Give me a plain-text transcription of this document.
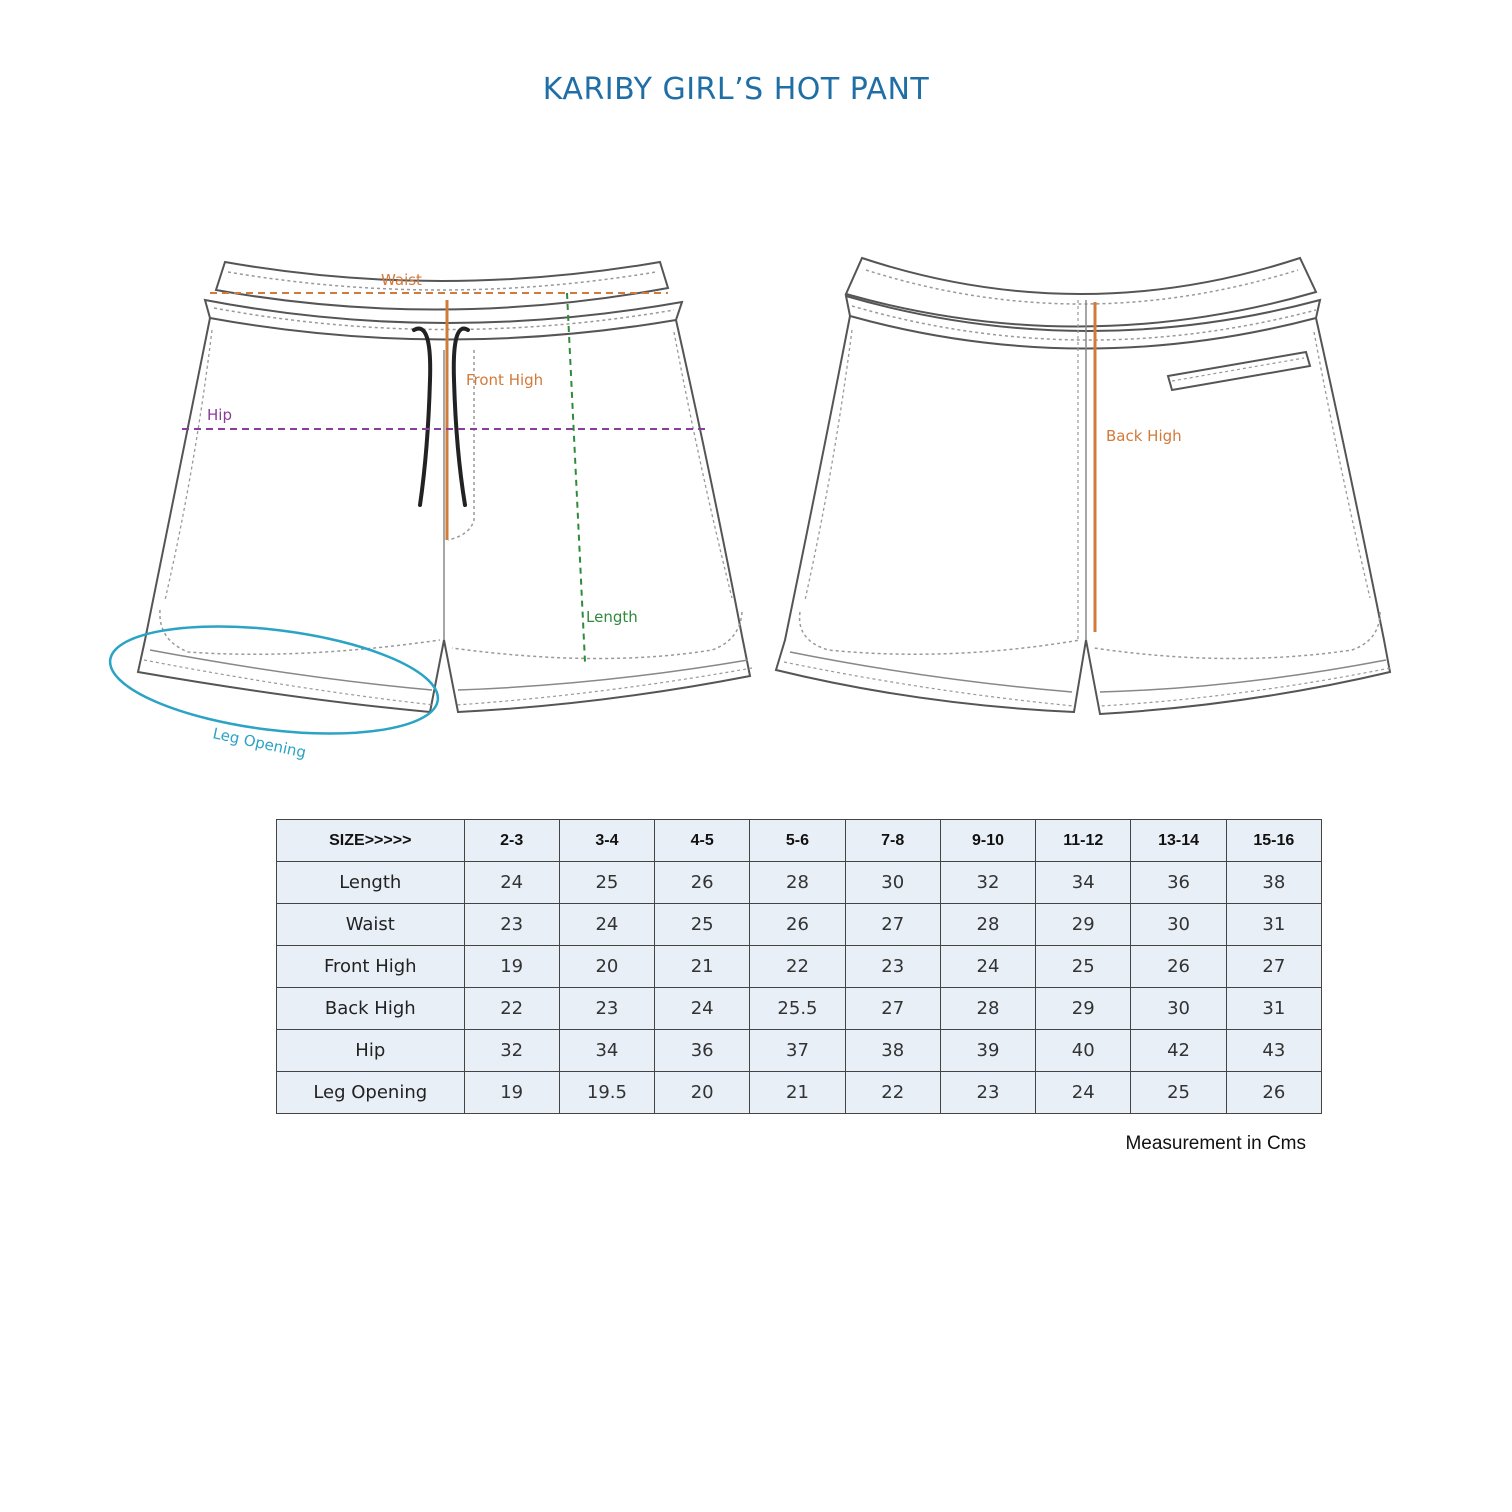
KARIBY GIRL’S HOT PANT
Waist
Front High
Hip
Length
Leg Opening
Back High
SIZE>>>>>	2-3	3-4	4-5	5-6	7-8	9-10	11-12	13-14	15-16
Length	24	25	26	28	30	32	34	36	38
Waist	23	24	25	26	27	28	29	30	31
Front High	19	20	21	22	23	24	25	26	27
Back High	22	23	24	25.5	27	28	29	30	31
Hip	32	34	36	37	38	39	40	42	43
Leg Opening	19	19.5	20	21	22	23	24	25	26
Measurement in Cms
